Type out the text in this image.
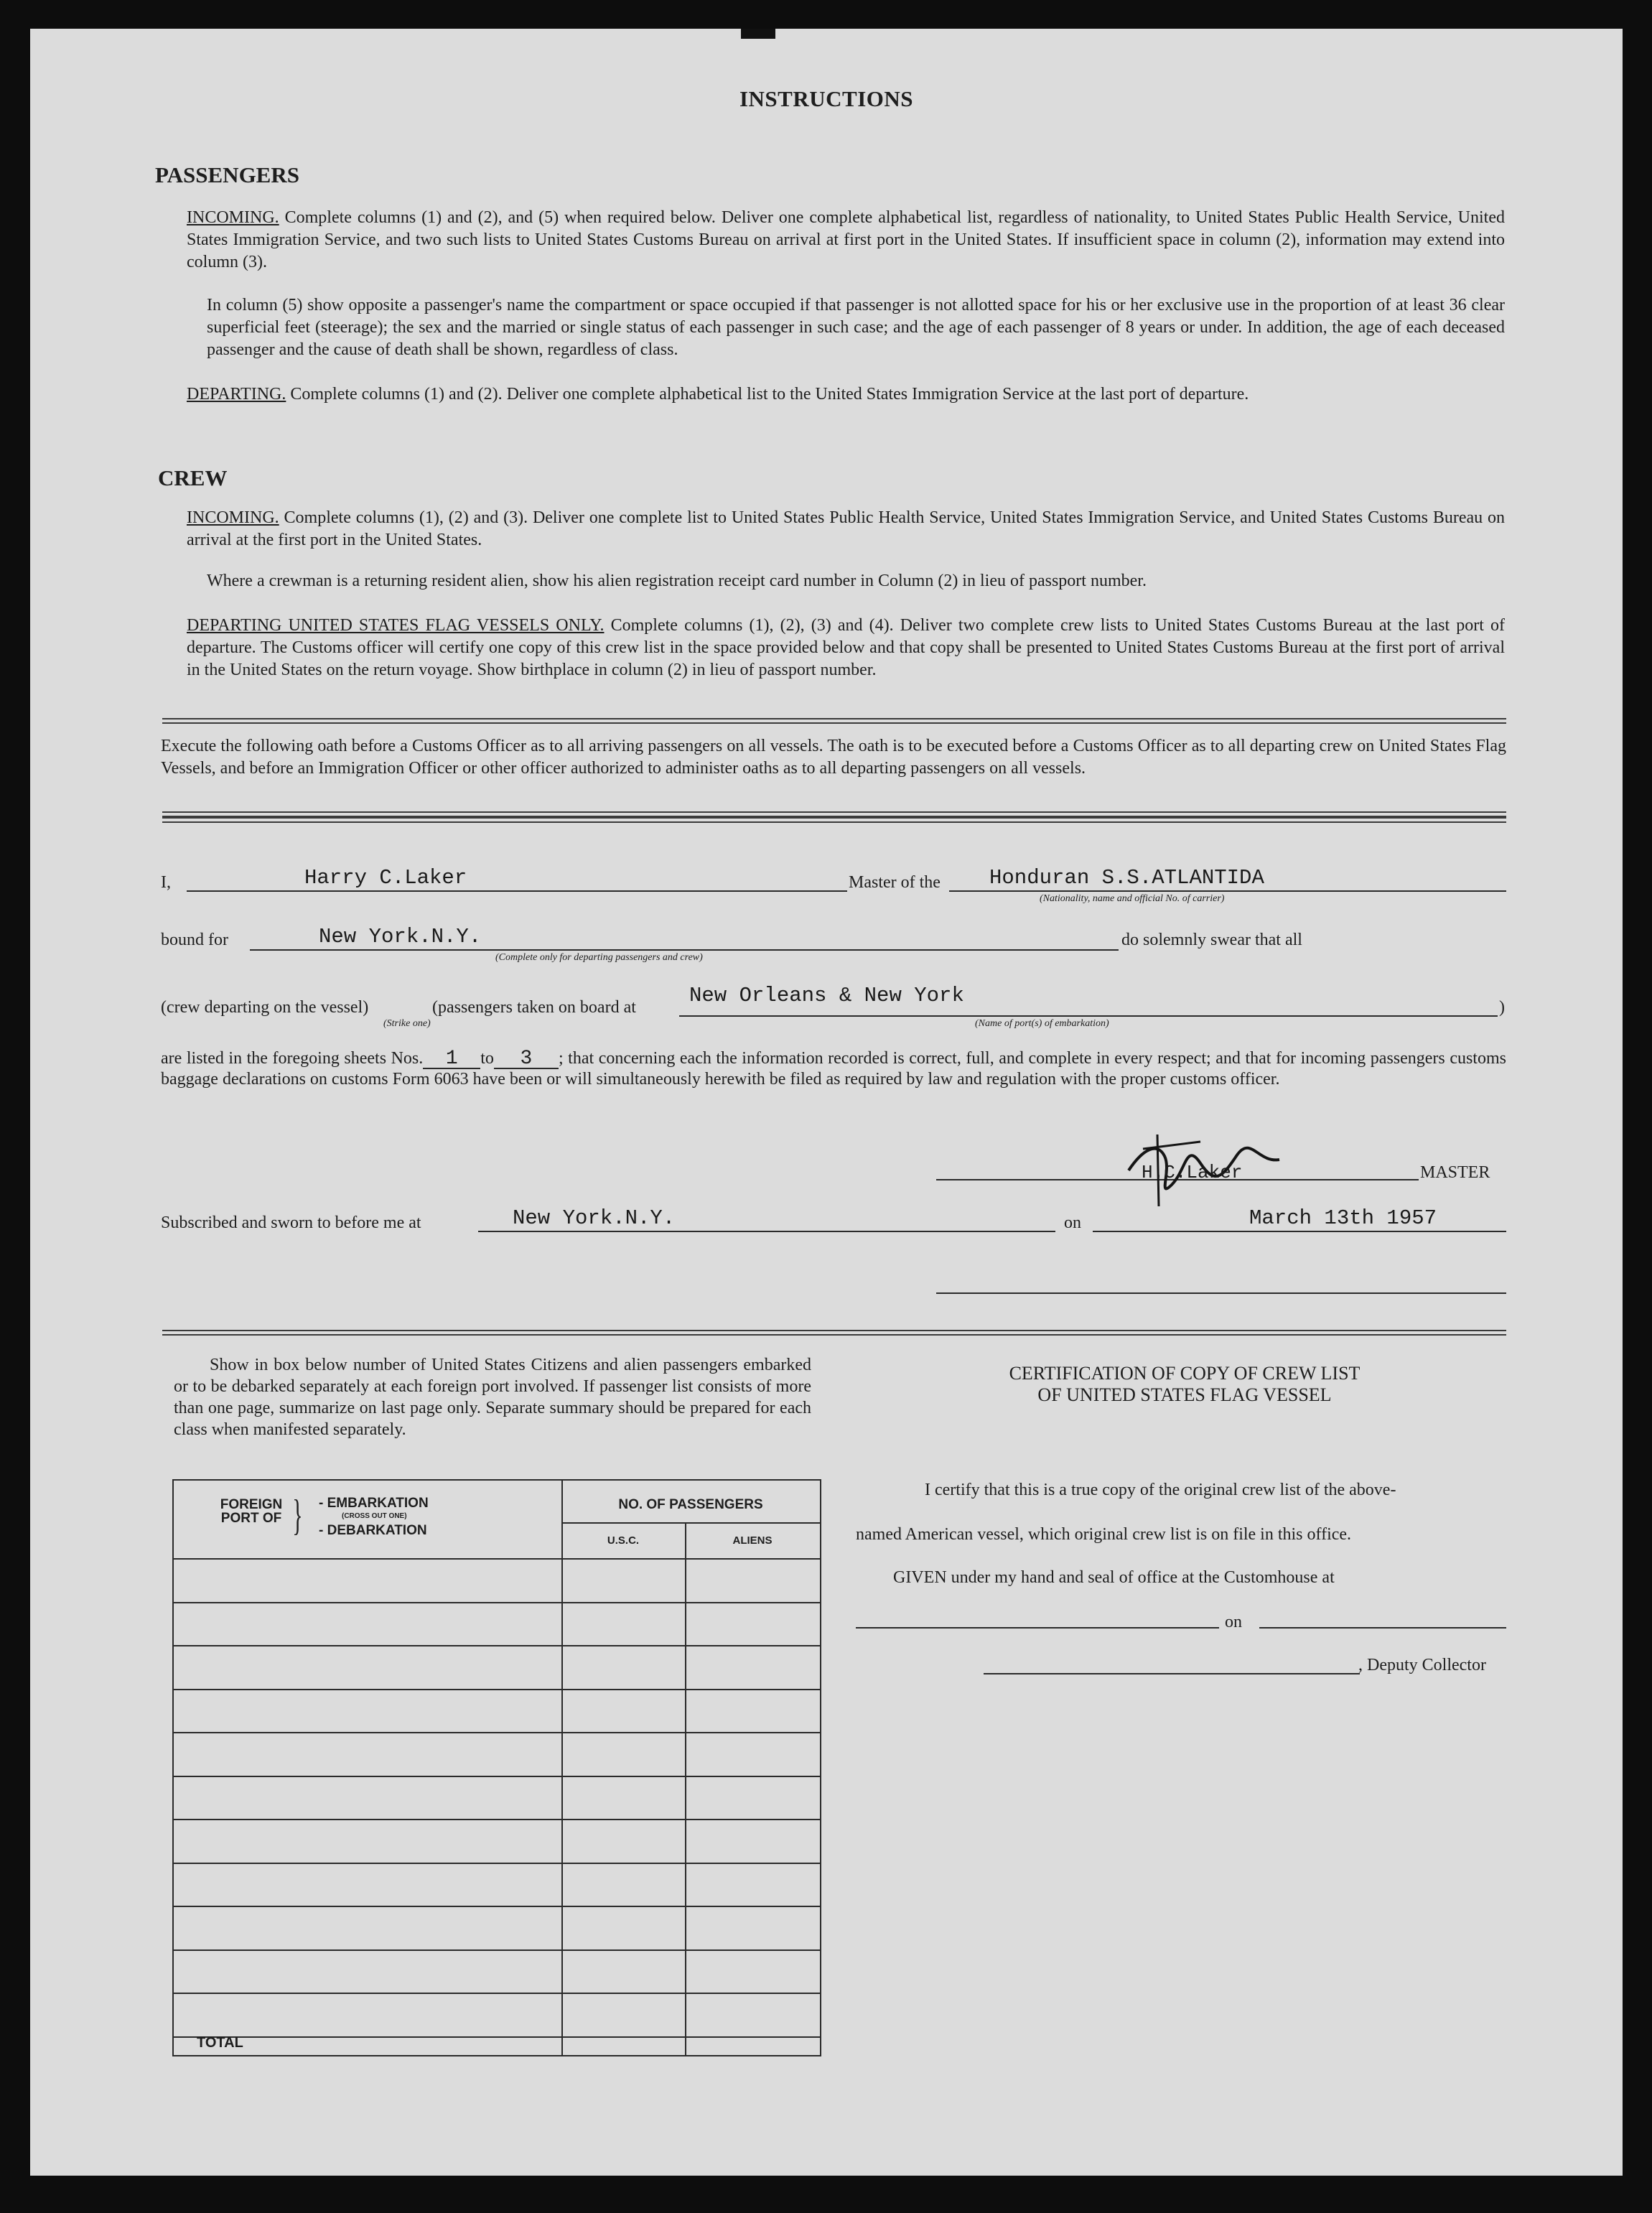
INSTRUCTIONS
PASSENGERS
INCOMING. Complete columns (1) and (2), and (5) when required below. Deliver one complete alphabetical list, regardless of nationality, to United States Public Health Service, United States Immigration Service, and two such lists to United States Customs Bureau on arrival at first port in the United States. If insufficient space in column (2), information may extend into column (3).
In column (5) show opposite a passenger's name the compartment or space occupied if that passenger is not allotted space for his or her exclusive use in the proportion of at least 36 clear superficial feet (steerage); the sex and the married or single status of each passenger in such case; and the age of each passenger of 8 years or under. In addition, the age of each deceased passenger and the cause of death shall be shown, regardless of class.
DEPARTING. Complete columns (1) and (2). Deliver one complete alphabetical list to the United States Immigration Service at the last port of departure.
CREW
INCOMING. Complete columns (1), (2) and (3). Deliver one complete list to United States Public Health Service, United States Immigration Service, and United States Customs Bureau on arrival at the first port in the United States.
Where a crewman is a returning resident alien, show his alien registration receipt card number in Column (2) in lieu of passport number.
DEPARTING UNITED STATES FLAG VESSELS ONLY. Complete columns (1), (2), (3) and (4). Deliver two complete crew lists to United States Customs Bureau at the last port of departure. The Customs officer will certify one copy of this crew list in the space provided below and that copy shall be presented to United States Customs Bureau at the first port of arrival in the United States on the return voyage. Show birthplace in column (2) in lieu of passport number.
Execute the following oath before a Customs Officer as to all arriving passengers on all vessels. The oath is to be executed before a Customs Officer as to all departing crew on United States Flag Vessels, and before an Immigration Officer or other officer authorized to administer oaths as to all departing passengers on all vessels.
I,	Harry C.Laker	Master of the Honduran S.S.ATLANTIDA
(Nationality, name and official No. of carrier)
bound for	New York.N.Y.
(Complete only for departing passengers and crew)
do solemnly swear that all
(crew departing on the vessel)	(passengers taken on board at
(Strike one)
New Orleans & New York
(Name of port(s) of embarkation)
)
are listed in the foregoing sheets Nos. 1 to 3 ; that concerning each the information recorded is correct, full, and complete in every respect; and that for incoming passengers customs baggage declarations on customs Form 6063 have been or will simultaneously herewith be filed as required by law and regulation with the proper customs officer.
H.C.Laker	MASTER
Subscribed and sworn to before me at	New York.N.Y.	on	March 13th 1957
Show in box below number of United States Citizens and alien passengers embarked or to be debarked separately at each foreign port involved. If passenger list consists of more than one page, summarize on last page only. Separate summary should be prepared for each class when manifested separately.
FOREIGN PORT OF } - EMBARKATION
(CROSS OUT ONE)
- DEBARKATION
NO. OF PASSENGERS
U.S.C.	ALIENS
TOTAL
CERTIFICATION OF COPY OF CREW LIST
OF UNITED STATES FLAG VESSEL
I certify that this is a true copy of the original crew list of the above-
named American vessel, which original crew list is on file in this office.
GIVEN under my hand and seal of office at the Customhouse at
on
, Deputy Collector
